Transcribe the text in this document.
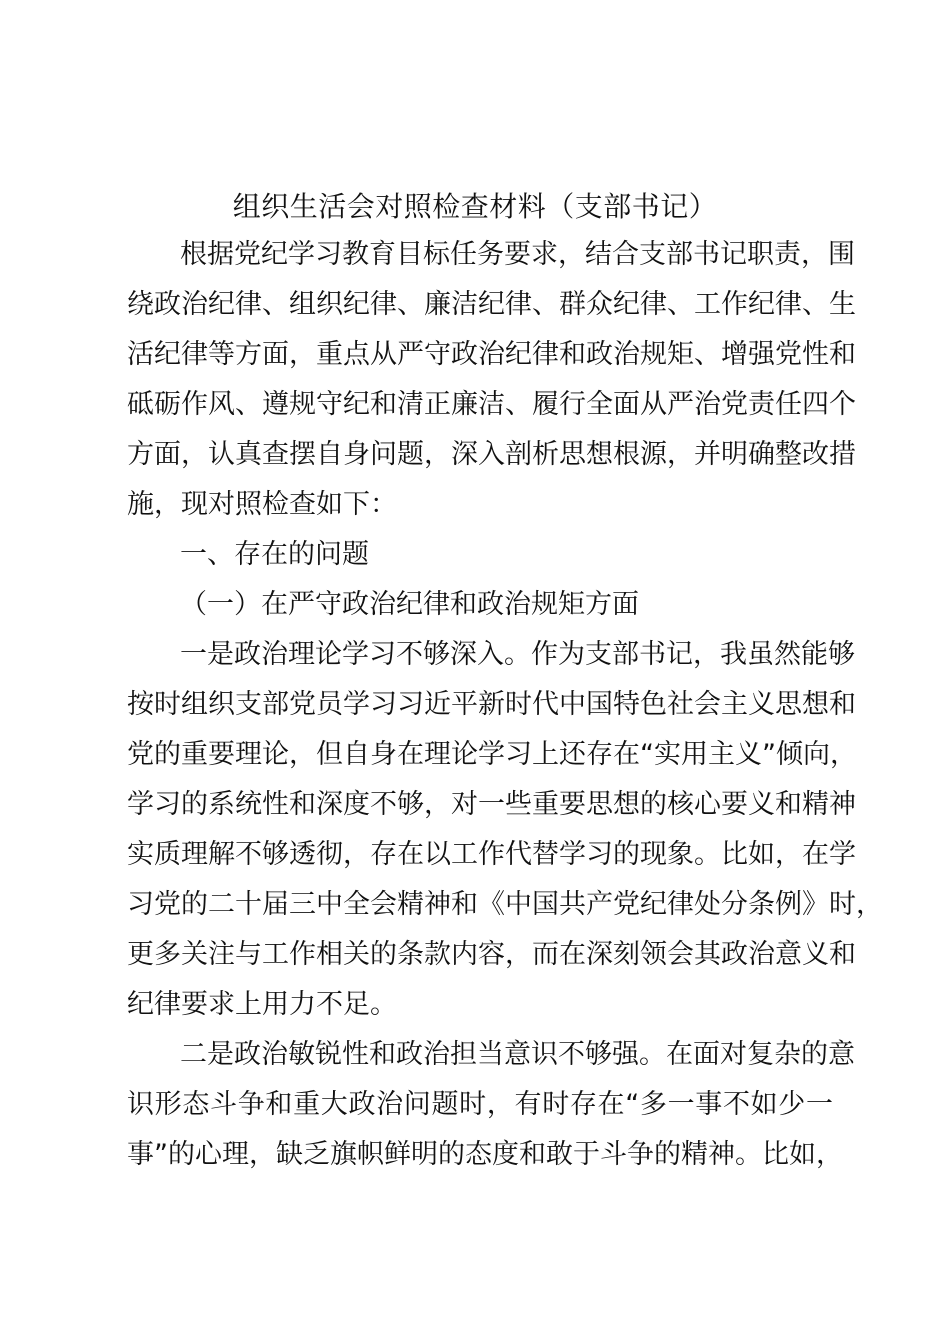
组织生活会对照检查材料（支部书记）
根据党纪学习教育目标任务要求，结合支部书记职责，围
绕政治纪律、组织纪律、廉洁纪律、群众纪律、工作纪律、生
活纪律等方面，重点从严守政治纪律和政治规矩、增强党性和
砥砺作风、遵规守纪和清正廉洁、履行全面从严治党责任四个
方面，认真查摆自身问题，深入剖析思想根源，并明确整改措
施，现对照检查如下：
一、存在的问题
（一）在严守政治纪律和政治规矩方面
一是政治理论学习不够深入。作为支部书记，我虽然能够
按时组织支部党员学习习近平新时代中国特色社会主义思想和
党的重要理论，但自身在理论学习上还存在“实用主义”倾向，
学习的系统性和深度不够，对一些重要思想的核心要义和精神
实质理解不够透彻，存在以工作代替学习的现象。比如，在学
习党的二十届三中全会精神和《中国共产党纪律处分条例》时，
更多关注与工作相关的条款内容，而在深刻领会其政治意义和
纪律要求上用力不足。
二是政治敏锐性和政治担当意识不够强。在面对复杂的意
识形态斗争和重大政治问题时，有时存在“多一事不如少一
事”的心理，缺乏旗帜鲜明的态度和敢于斗争的精神。比如，
